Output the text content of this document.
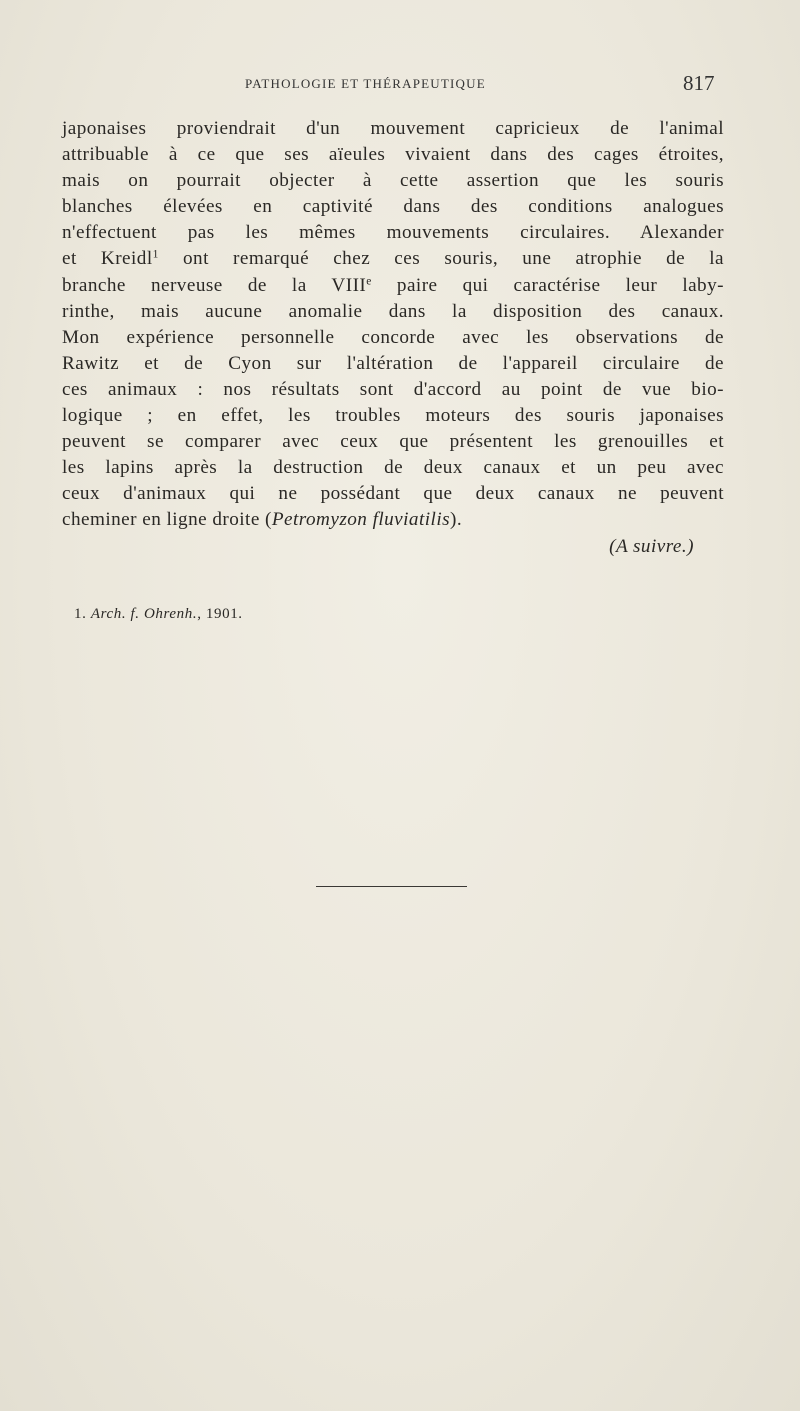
PATHOLOGIE ET THÉRAPEUTIQUE	817
japonaises proviendrait d'un mouvement capricieux de l'animal
attribuable à ce que ses aïeules vivaient dans des cages étroites,
mais on pourrait objecter à cette assertion que les souris
blanches élevées en captivité dans des conditions analogues
n'effectuent pas les mêmes mouvements circulaires. Alexander
et Kreidl$^1$ ont remarqué chez ces souris, une atrophie de la
branche nerveuse de la VIIIe paire qui caractérise leur laby-
rinthe, mais aucune anomalie dans la disposition des canaux.
Mon expérience personnelle concorde avec les observations de
Rawitz et de Cyon sur l'altération de l'appareil circulaire de
ces animaux : nos résultats sont d'accord au point de vue bio-
logique ; en effet, les troubles moteurs des souris japonaises
peuvent se comparer avec ceux que présentent les grenouilles et
les lapins après la destruction de deux canaux et un peu avec
ceux d'animaux qui ne possédant que deux canaux ne peuvent
cheminer en ligne droite (Petromyzon fluviatilis).
(A suivre.)
1. Arch. f. Ohrenh., 1901.
